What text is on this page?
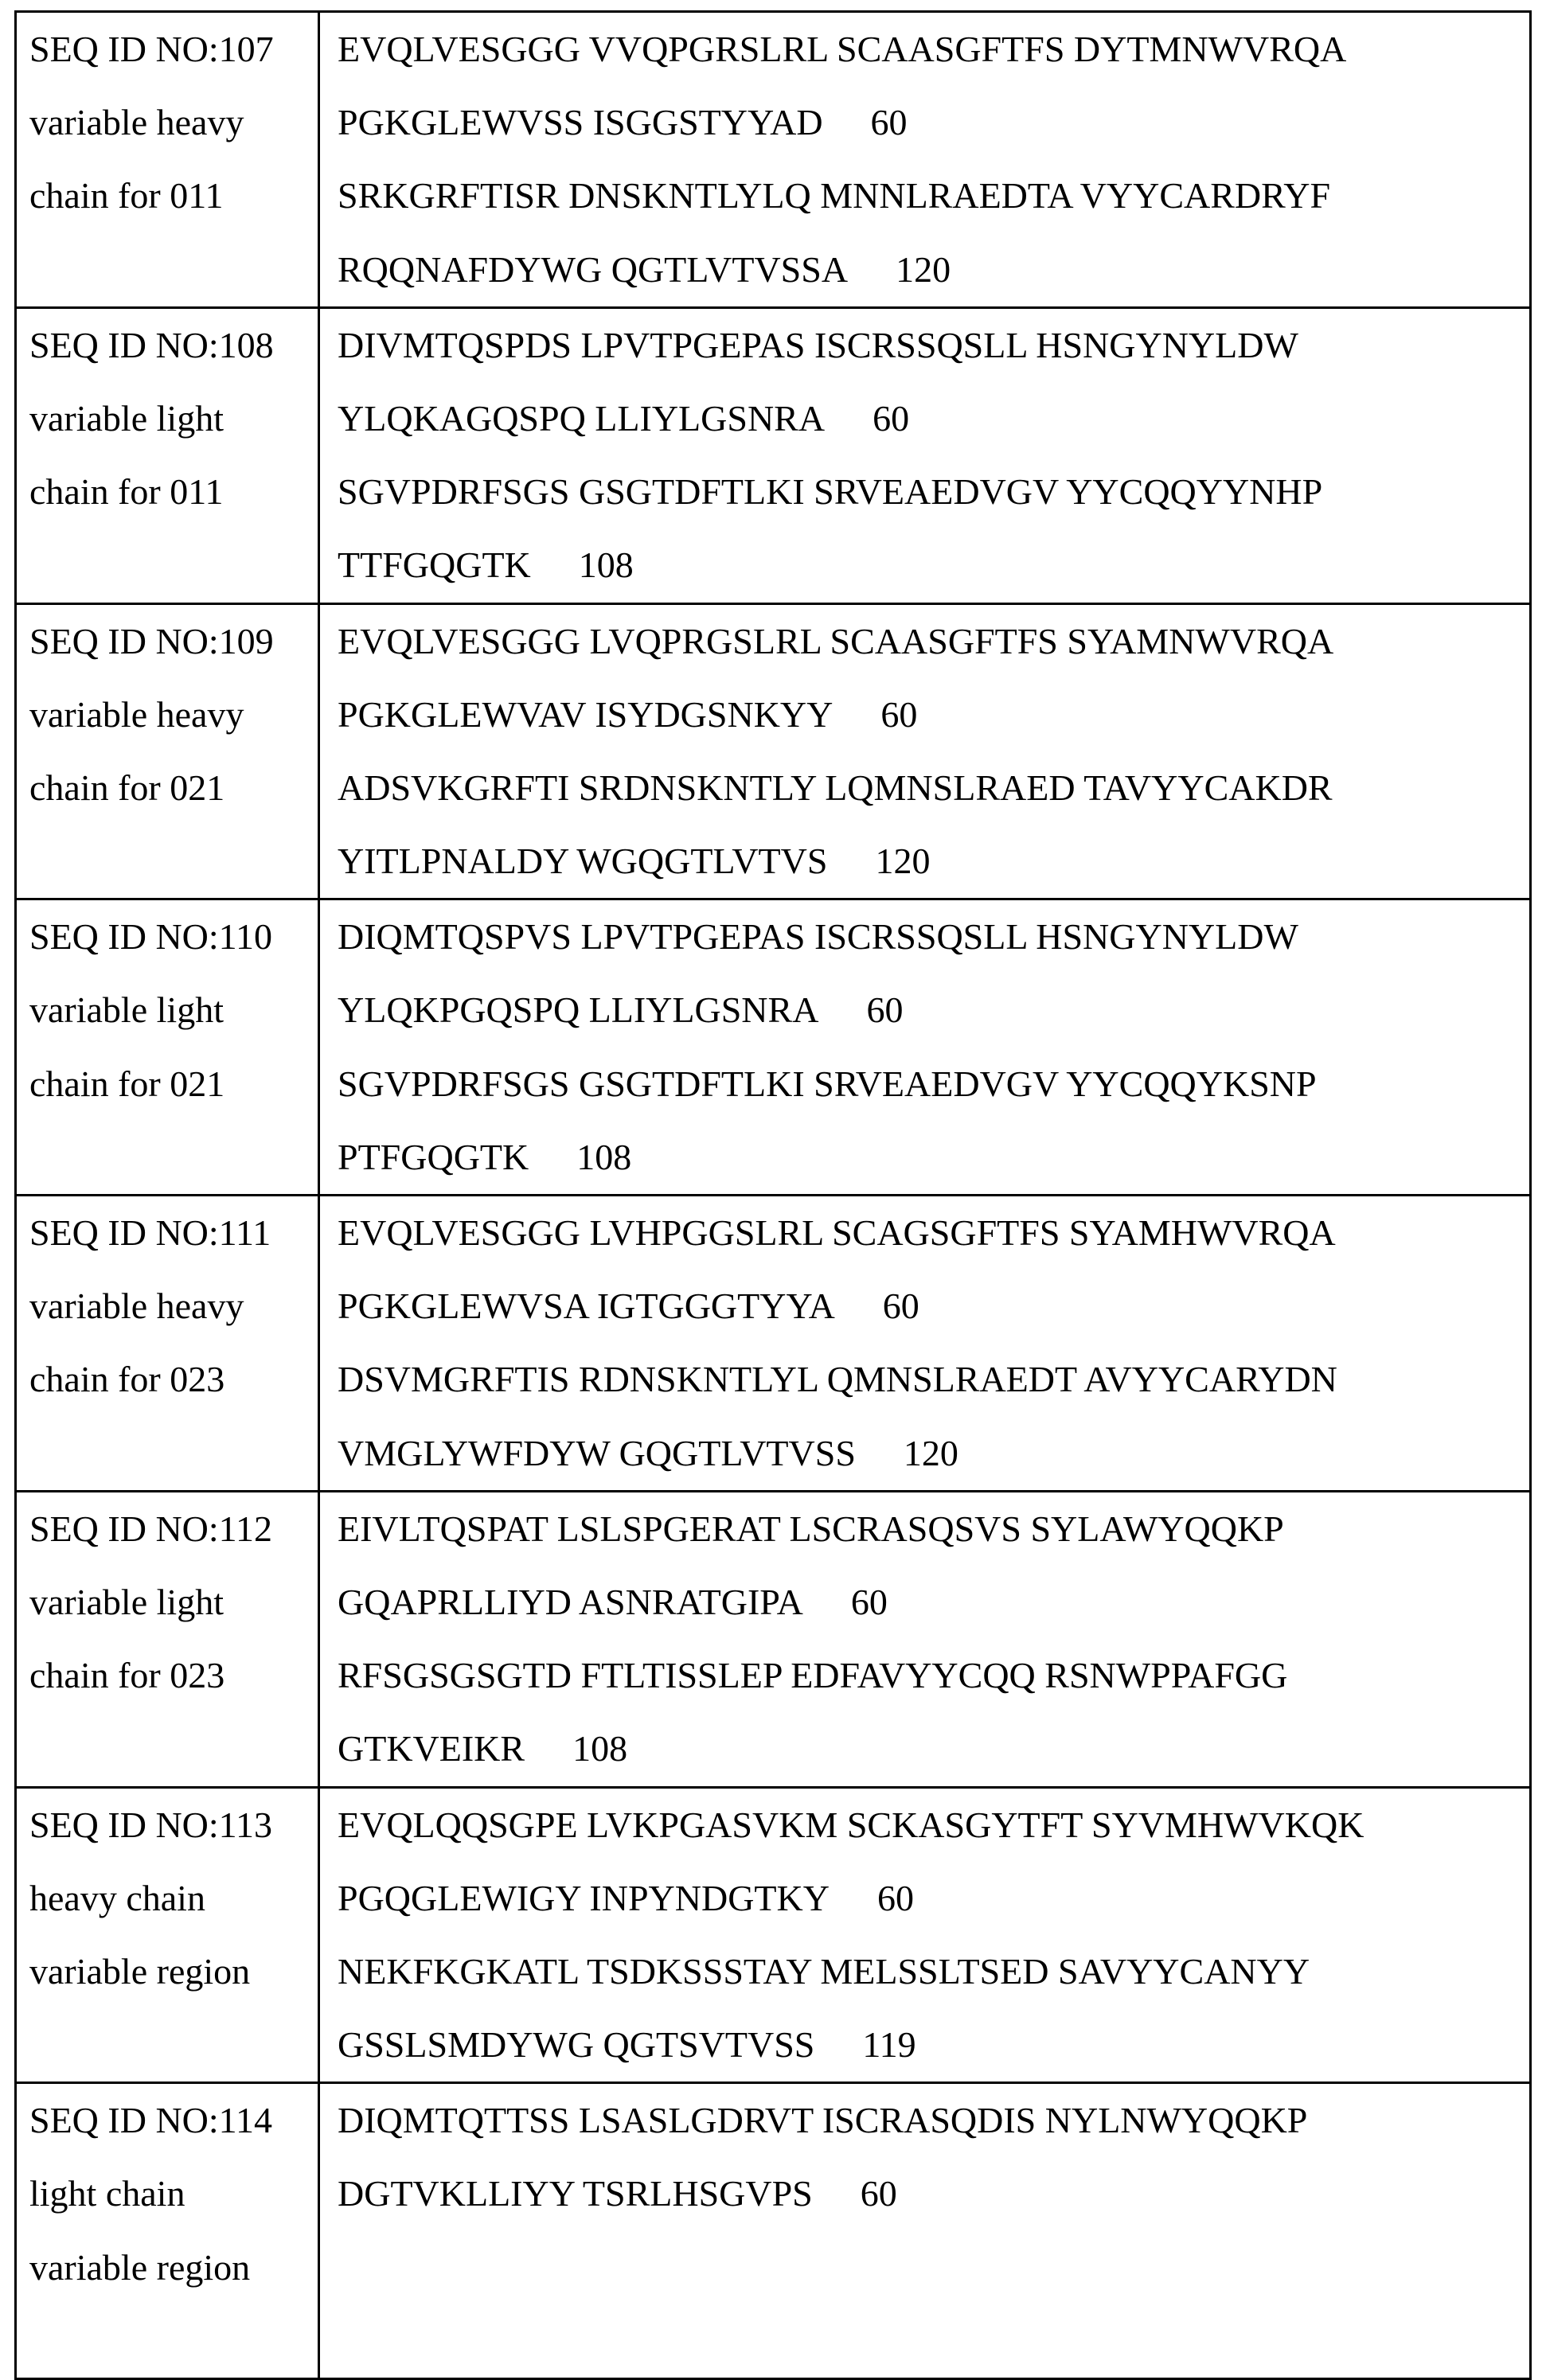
SEQ ID NO:107
variable heavy
chain for 011

EVQLVESGGG VVQPGRSLRL SCAASGFTFS DYTMNWVRQA
PGKGLEWVSS ISGGSTYYAD 60
SRKGRFTISR DNSKNTLYLQ MNNLRAEDTA VYYCARDRYF
RQQNAFDYWG QGTLVTVSSA 120

SEQ ID NO:108
variable light
chain for 011

DIVMTQSPDS LPVTPGEPAS ISCRSSQSLL HSNGYNYLDW
YLQKAGQSPQ LLIYLGSNRA 60
SGVPDRFSGS GSGTDFTLKI SRVEAEDVGV YYCQQYYNHP
TTFGQGTK 108

SEQ ID NO:109
variable heavy
chain for 021

EVQLVESGGG LVQPRGSLRL SCAASGFTFS SYAMNWVRQA
PGKGLEWVAV ISYDGSNKYY 60
ADSVKGRFTI SRDNSKNTLY LQMNSLRAED TAVYYCAKDR
YITLPNALDY WGQGTLVTVS 120

SEQ ID NO:110
variable light
chain for 021

DIQMTQSPVS LPVTPGEPAS ISCRSSQSLL HSNGYNYLDW
YLQKPGQSPQ LLIYLGSNRA 60
SGVPDRFSGS GSGTDFTLKI SRVEAEDVGV YYCQQYKSNP
PTFGQGTK 108

SEQ ID NO:111
variable heavy
chain for 023

EVQLVESGGG LVHPGGSLRL SCAGSGFTFS SYAMHWVRQA
PGKGLEWVSA IGTGGGTYYA 60
DSVMGRFTIS RDNSKNTLYL QMNSLRAEDT AVYYCARYDN
VMGLYWFDYW GQGTLVTVSS 120

SEQ ID NO:112
variable light
chain for 023

EIVLTQSPAT LSLSPGERAT LSCRASQSVS SYLAWYQQKP
GQAPRLLIYD ASNRATGIPA 60
RFSGSGSGTD FTLTISSLEP EDFAVYYCQQ RSNWPPAFGG
GTKVEIKR 108

SEQ ID NO:113
heavy chain
variable region

EVQLQQSGPE LVKPGASVKM SCKASGYTFT SYVMHWVKQK
PGQGLEWIGY INPYNDGTKY 60
NEKFKGKATL TSDKSSSTAY MELSSLTSED SAVYYCANYY
GSSLSMDYWG QGTSVTVSS 119

SEQ ID NO:114
light chain
variable region

DIQMTQTTSS LSASLGDRVT ISCRASQDIS NYLNWYQQKP
DGTVKLLIYY TSRLHSGVPS 60
